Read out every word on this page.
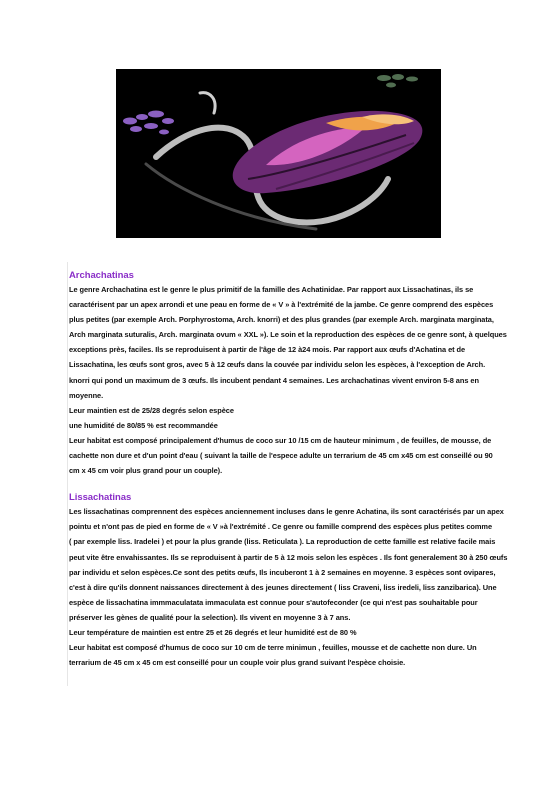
Archachatinas

Le genre Archachatina est le genre le plus primitif de la famille des Achatinidae. Par rapport aux Lissachatinas, ils se
caractérisent par un apex arrondi et une peau en forme de « V » à l'extrémité de la jambe. Ce genre comprend des espèces
plus petites (par exemple Arch. Porphyrostoma, Arch. knorri) et des plus grandes (par exemple Arch. marginata marginata,
Arch marginata suturalis, Arch. marginata ovum « XXL »). Le soin et la reproduction des espèces de ce genre sont, à quelques
exceptions près, faciles. Ils se reproduisent à partir de l'âge de 12 à24 mois. Par rapport aux œufs d'Achatina et de
Lissachatina, les œufs sont gros, avec 5 à 12 œufs dans la couvée par individu selon les espèces, à l'exception de Arch.
knorri qui pond un maximum de 3 œufs. Ils incubent pendant 4 semaines. Les archachatinas vivent environ 5-8 ans en
moyenne.

Leur maintien est de 25/28 degrés selon espèce

une humidité de 80/85 % est recommandée

Leur habitat est composé principalement d'humus de coco sur 10 /15 cm de hauteur minimum , de feuilles, de mousse, de
cachette non dure et d'un point d'eau ( suivant la taille de l'espece adulte un terrarium de 45 cm x45 cm est conseillé ou 90
cm x 45 cm voir plus grand pour un couple).

Lissachatinas

Les lissachatinas comprennent des espèces anciennement incluses dans le genre Achatina, ils sont caractérisés par un apex
pointu et n'ont pas de pied en forme de « V »à l'extrémité . Ce genre ou famille comprend des espèces plus petites comme
( par exemple liss. Iradelei ) et pour la plus grande (liss. Reticulata ). La reproduction de cette famille est relative facile mais
peut vite être envahissantes. Ils se reproduisent à partir de 5 à 12 mois selon les espèces . Ils font generalement 30 à 250 œufs
par individu et selon espèces.Ce sont des petits œufs, Ils incuberont 1 à 2 semaines en moyenne. 3 espèces sont ovipares,
c'est à dire qu'ils donnent naissances directement à des jeunes directement ( liss Craveni, liss iredeli, liss zanzibarica). Une
espèce de lissachatina immmaculatata immaculata est connue pour s'autofeconder (ce qui n'est pas souhaitable pour
préserver les gènes de qualité pour la selection). Ils vivent en moyenne 3 à 7 ans.

Leur température de maintien est entre 25 et 26 degrés et leur humidité est de 80 %

Leur habitat est composé d'humus de coco sur 10 cm de terre minimun , feuilles, mousse et de cachette non dure. Un
terrarium de 45 cm x 45 cm est conseillé pour un couple voir plus grand suivant l'espèce choisie.
